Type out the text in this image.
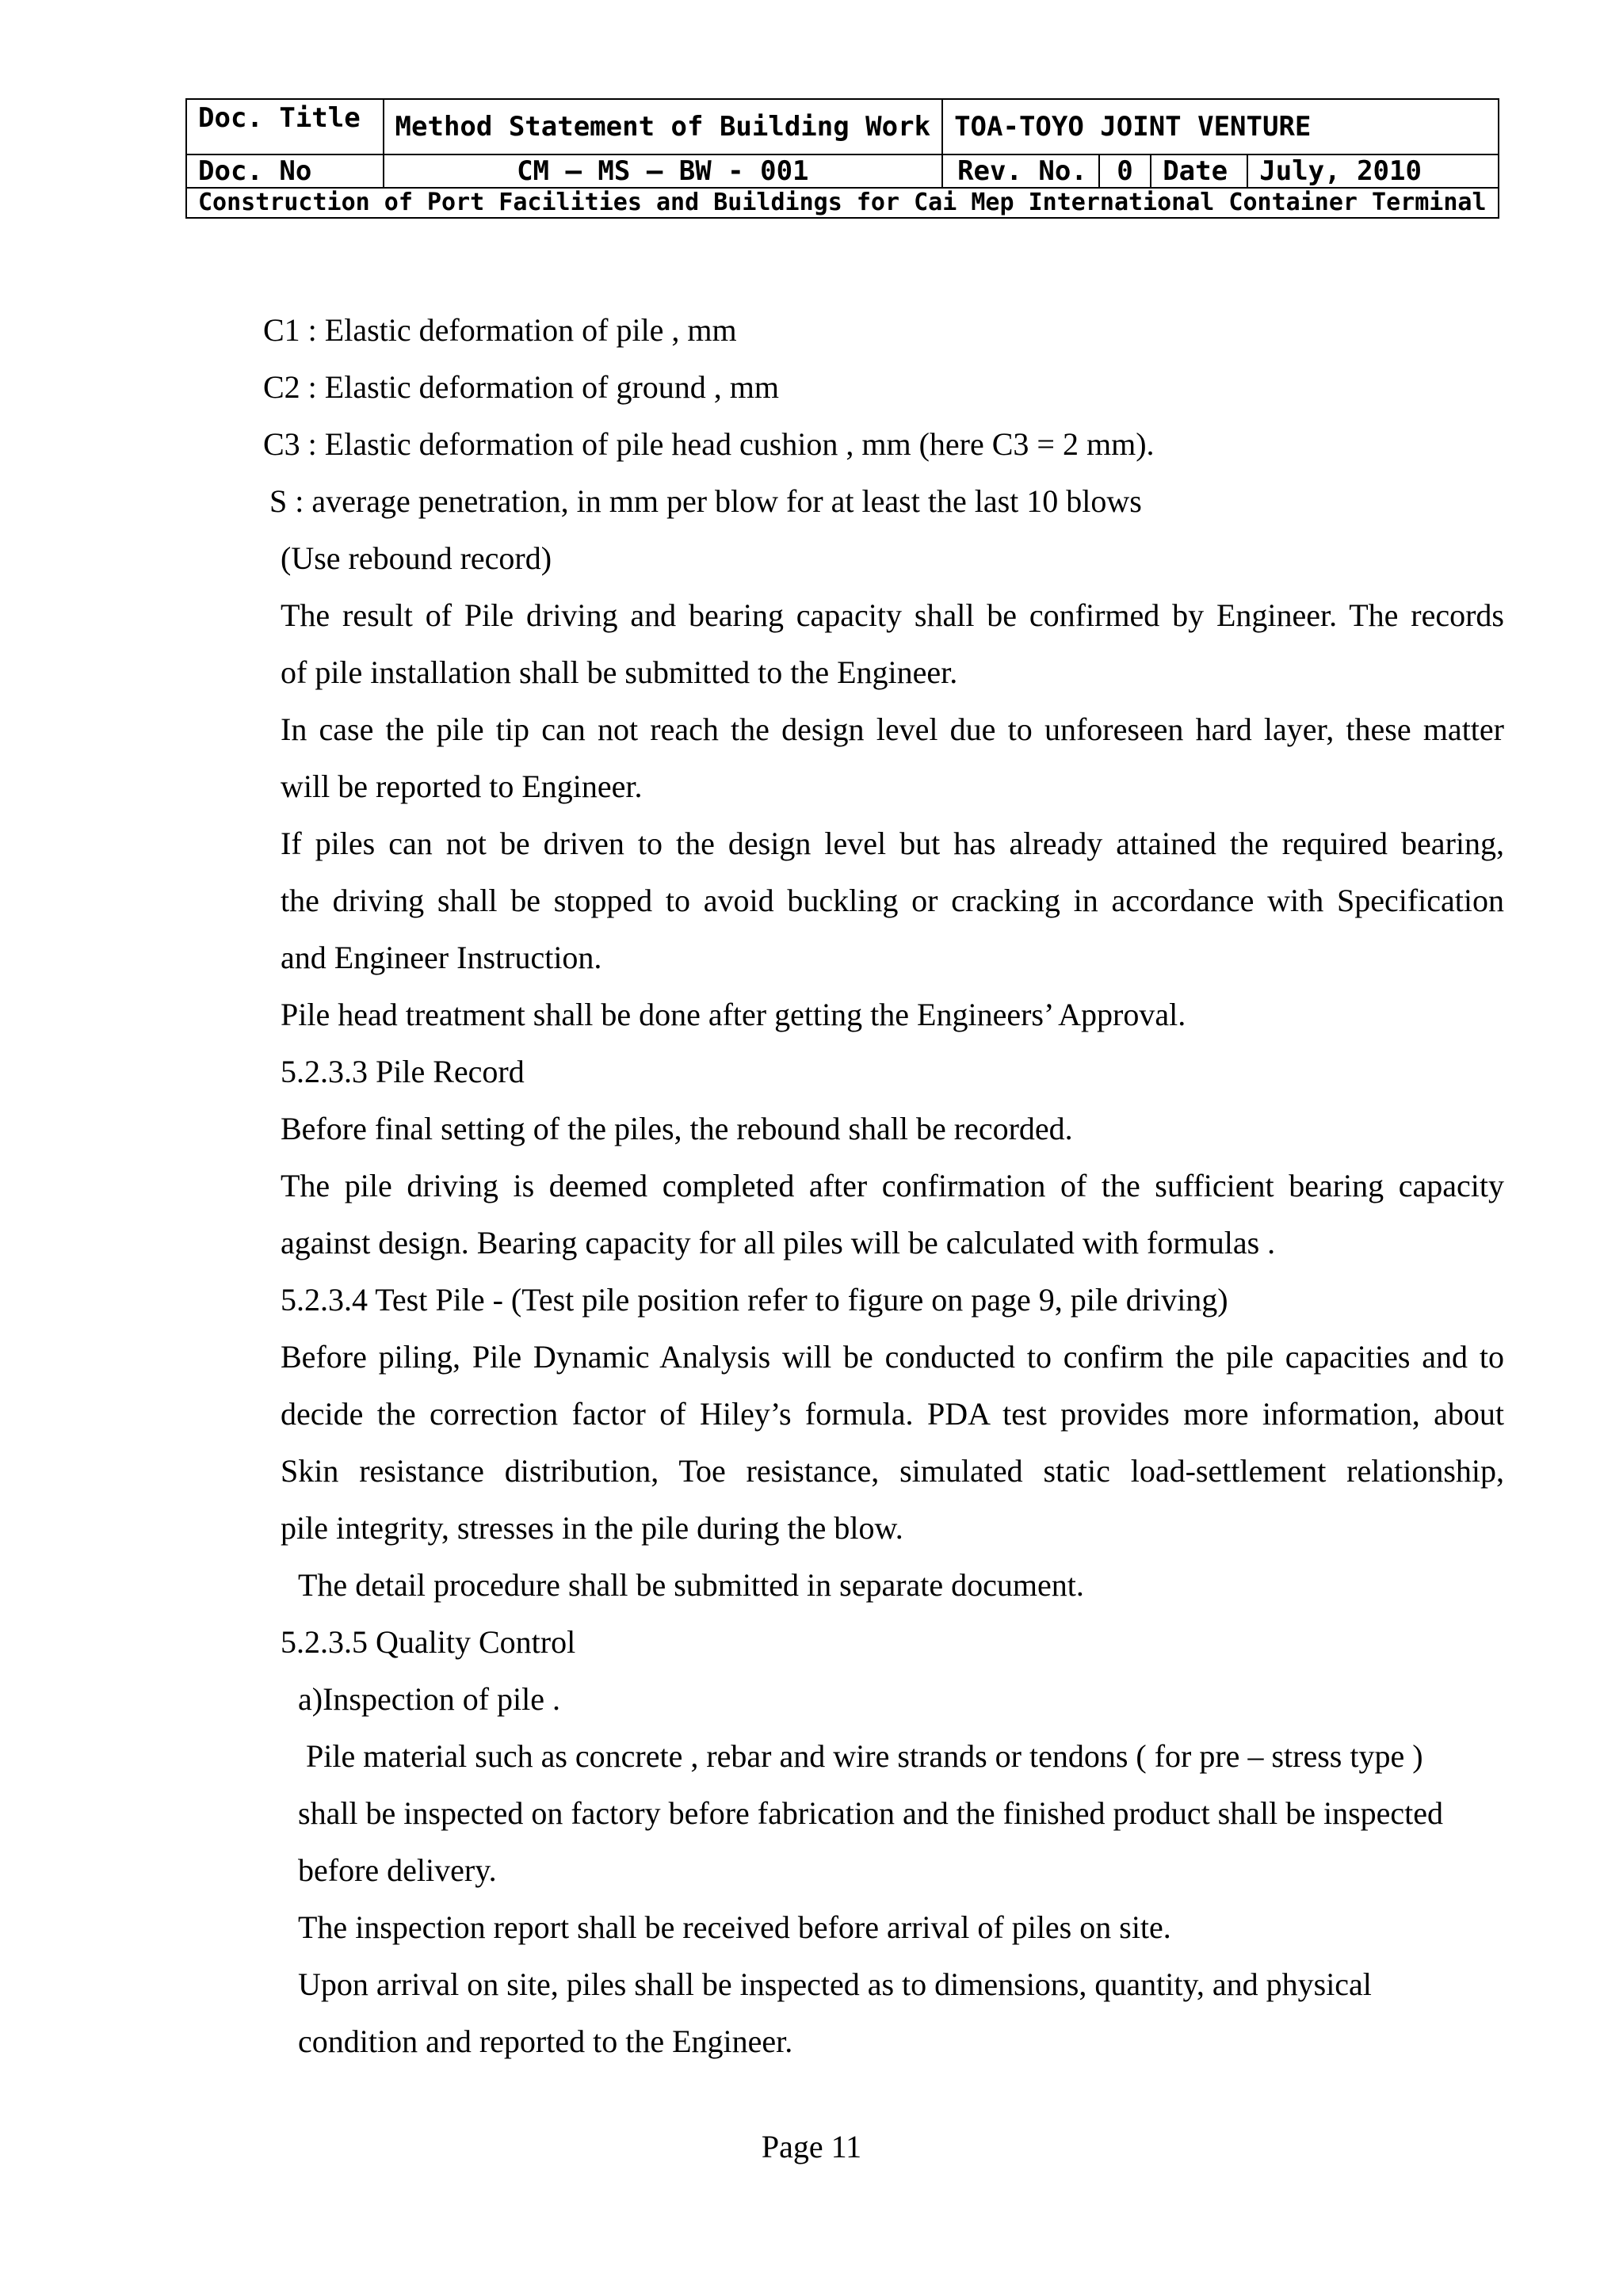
Doc. Title	Method Statement of Building Work	TOA-TOYO JOINT VENTURE			
Doc. No	CM – MS – BW - 001	Rev. No.	0	Date	July, 2010
Construction of Port Facilities and Buildings for Cai Mep International Container Terminal					
C1 : Elastic deformation of pile , mm
C2 : Elastic deformation of ground , mm
C3 : Elastic deformation of pile head cushion , mm (here C3 = 2 mm).
S : average penetration, in mm per blow for at least the last 10 blows
(Use rebound record)
The result of Pile driving and bearing capacity shall be confirmed by Engineer. The records
of pile installation shall be submitted to the Engineer.
In case the pile tip can not reach the design level due to unforeseen hard layer, these matter
will be reported to Engineer.
If piles can not be driven to the design level but has already attained the required bearing,
the driving shall be stopped to avoid buckling or cracking in accordance with Specification
and Engineer Instruction.
Pile head treatment shall be done after getting the Engineers’ Approval.
5.2.3.3 Pile Record
Before final setting of the piles, the rebound shall be recorded.
The pile driving is deemed completed after confirmation of the sufficient bearing capacity
against design. Bearing capacity for all piles will be calculated with formulas .
5.2.3.4 Test Pile - (Test pile position refer to figure on page 9, pile driving)
Before piling, Pile Dynamic Analysis will be conducted to confirm the pile capacities and to
decide the correction factor of Hiley’s formula. PDA test provides more information, about
Skin resistance distribution, Toe resistance, simulated static load-settlement relationship,
pile integrity, stresses in the pile during the blow.
The detail procedure shall be submitted in separate document.
5.2.3.5 Quality Control
a)Inspection of pile .
Pile material such as concrete , rebar and wire strands or tendons ( for pre – stress type )
shall be inspected on factory before fabrication and the finished product shall be inspected
before delivery.
The inspection report shall be received before arrival of piles on site.
Upon arrival on site, piles shall be inspected as to dimensions, quantity, and physical
condition and reported to the Engineer.
Page 11
